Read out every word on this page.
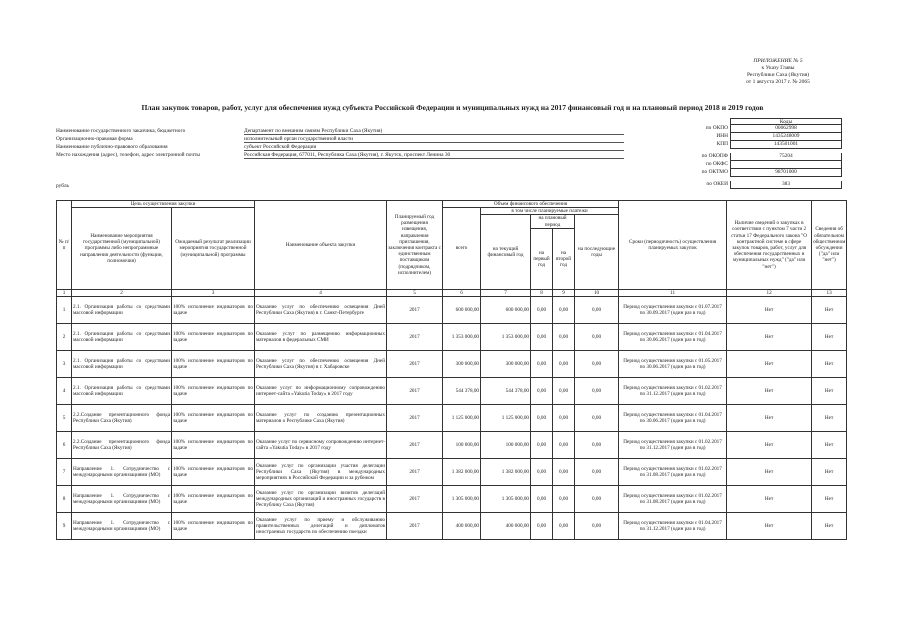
ПРИЛОЖЕНИЕ № 5
к Указу Главы
Республики Саха (Якутия)
от 1 августа 2017 г. № 2065
План закупок товаров, работ, услуг для обеспечения нужд субъекта Российской Федерации и муниципальных нужд на 2017 финансовый год и на плановый период 2018 и 2019 годов
Наименование государственного заказчика, бюджетного	Департамент по внешним связям Республики Саха (Якутия)
Организационно-правовая форма	исполнительный орган государственной власти
Наименование публично-правового образования	субъект Российской Федерации
Место нахождения (адрес), телефон, адрес электронной почты	Российская Федерация, 677011, Республика Саха (Якутия), г. Якутск, проспект Ленина 30
Коды
по ОКПО	00062998
ИНН	1435248009
КПП	143501001
по ОКОПФ	75204
по ОКФС
по ОКТМО	98701000
по ОКЕИ	383
рубль
№ п/п	Цель осуществления закупки		Наименование объекта закупки	Планируемый год размещения извещения, направления приглашения, заключения контракта с единственным поставщиком (подрядчиком, исполнителем)	Объем финансового обеспечения					Сроки (периодичность) осуществления планируемых закупок	Наличие сведений о закупках в соответствии с пунктом 7 части 2 статьи 17 Федерального закона "О контрактной системе в сфере закупок товаров, работ, услуг для обеспечения государственных и муниципальных нужд" ("да" или "нет")	Сведения об обязательном общественном обсуждении ("да" или "нет")
	Наименование мероприятия государственной (муниципальной) программы либо непрограммные направления деятельности (функции, полномочия)	Ожидаемый результат реализации мероприятия государственной (муниципальной) программы			всего	в том числе планируемые платежи						
						на текущий финансовый год	на плановый период		на последующие годы			
							на первый год	на второй год				
1	2	3	4	5	6	7	8	9	10	11	12	13
1	2.1. Организация работы со средствами массовой информации	100% исполнение индикаторов по задаче	Оказание услуг по обеспечению освещения Дней Республики Саха (Якутия) в г. Санкт-Петербурге	2017	600 000,00	600 000,00	0,00	0,00	0,00	Период осуществления закупки с 01.07.2017 по 30.09.2017 (один раз в год)	Нет	Нет
2	2.1. Организация работы со средствами массовой информации	100% исполнение индикаторов по задаче	Оказание услуг по размещению информационных материалов в федеральных СМИ	2017	1 353 000,00	1 353 000,00	0,00	0,00	0,00	Период осуществления закупки с 01.04.2017 по 30.06.2017 (один раз в год)	Нет	Нет
3	2.1. Организация работы со средствами массовой информации	100% исполнение индикаторов по задаче	Оказание услуг по обеспечению освещения Дней Республики Саха (Якутия) в г. Хабаровске	2017	300 000,00	300 000,00	0,00	0,00	0,00	Период осуществления закупки с 01.05.2017 по 30.06.2017 (один раз в год)	Нет	Нет
4	2.1. Организация работы со средствами массовой информации	100% исполнение индикаторов по задаче	Оказание услуг по информационному сопровождению интернет-сайта «Yakutia Today» в 2017 году	2017	544 378,00	544 378,00	0,00	0,00	0,00	Период осуществления закупки с 01.02.2017 по 31.12.2017 (один раз в год)	Нет	Нет
5	2.2.Создание презентационного фонда Республики Саха (Якутия)	100% исполнение индикаторов по задаче	Оказание услуг по созданию презентационных материалов о Республике Саха (Якутия)	2017	1 125 000,00	1 125 000,00	0,00	0,00	0,00	Период осуществления закупки с 01.04.2017 по 30.06.2017 (один раз в год)	Нет	Нет
6	2.2.Создание презентационного фонда Республики Саха (Якутия)	100% исполнение индикаторов по задаче	Оказание услуг по сервисному сопровождению интернет-сайта «Yakutia Today» в 2017 году	2017	100 000,00	100 000,00	0,00	0,00	0,00	Период осуществления закупки с 01.02.2017 по 31.12.2017 (один раз в год)	Нет	Нет
7	Направление 1. Сотрудничество с международными организациями (МО)	100% исполнение индикаторов по задаче	Оказание услуг по организации участия делегации Республики Саха (Якутия) в международных мероприятиях в Российской Федерации и за рубежом	2017	1 382 000,00	1 382 000,00	0,00	0,00	0,00	Период осуществления закупки с 01.02.2017 по 31.08.2017 (один раз в год)	Нет	Нет
8	Направление 1. Сотрудничество с международными организациями (МО)	100% исполнение индикаторов по задаче	Оказание услуг по организации визитов делегаций международных организаций и иностранных государств в Республику Саха (Якутия)	2017	1 305 000,00	1 305 000,00	0,00	0,00	0,00	Период осуществления закупки с 01.02.2017 по 31.08.2017 (один раз в год)	Нет	Нет
9	Направление 1. Сотрудничество с международными организациями (МО)	100% исполнение индикаторов по задаче	Оказание услуг по приему и обслуживанию правительственных делегаций и дипломатов иностранных государств по обеспечению поездки	2017	400 000,00	400 000,00	0,00	0,00	0,00	Период осуществления закупки с 01.04.2017 по 31.12.2017 (один раз в год)	Нет	Нет
